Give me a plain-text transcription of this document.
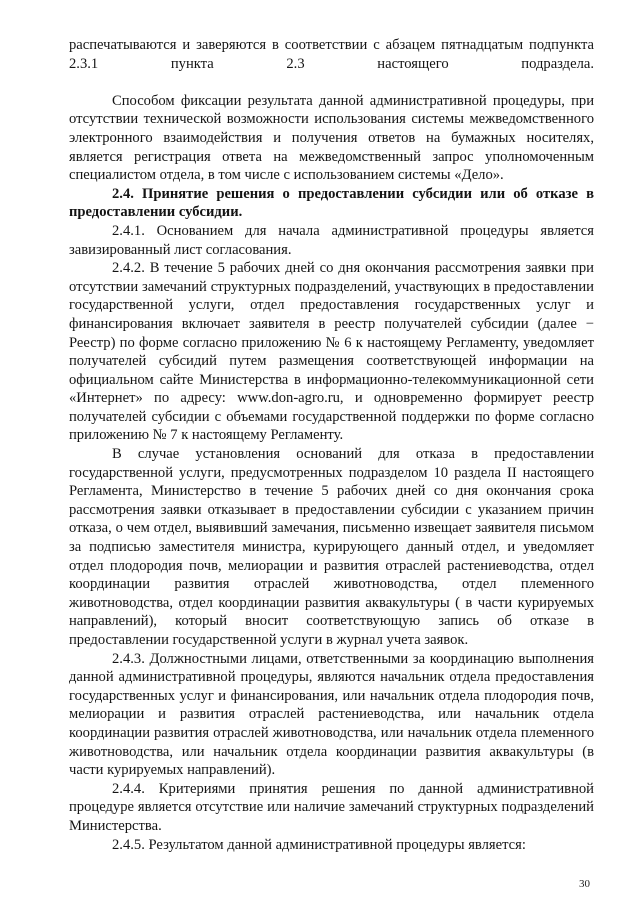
распечатываются и заверяются в соответствии с абзацем пятнадцатым подпункта 2.3.1 пункта 2.3 настоящего подраздела.

Способом фиксации результата данной административной процедуры, при отсутствии технической возможности использования системы межведомственного электронного взаимодействия и получения ответов на бумажных носителях, является регистрация ответа на межведомственный запрос уполномоченным специалистом отдела, в том числе с использованием системы «Дело».

2.4. Принятие решения о предоставлении субсидии или об отказе в предоставлении субсидии.

2.4.1. Основанием для начала административной процедуры является завизированный лист согласования.

2.4.2. В течение 5 рабочих дней со дня окончания рассмотрения заявки при отсутствии замечаний структурных подразделений, участвующих в предоставлении государственной услуги, отдел предоставления государственных услуг и финансирования включает заявителя в реестр получателей субсидии (далее − Реестр) по форме согласно приложению № 6 к настоящему Регламенту, уведомляет получателей субсидий путем размещения соответствующей информации на официальном сайте Министерства в информационно-телекоммуникационной сети «Интернет» по адресу: www.don-agro.ru, и одновременно формирует реестр получателей субсидии с объемами государственной поддержки по форме согласно приложению № 7 к настоящему Регламенту.

В случае установления оснований для отказа в предоставлении государственной услуги, предусмотренных подразделом 10 раздела II настоящего Регламента, Министерство в течение 5 рабочих дней со дня окончания срока рассмотрения заявки отказывает в предоставлении субсидии с указанием причин отказа, о чем отдел, выявивший замечания, письменно извещает заявителя письмом за подписью заместителя министра, курирующего данный отдел, и уведомляет отдел плодородия почв, мелиорации и развития отраслей растениеводства, отдел координации развития отраслей животноводства, отдел племенного животноводства, отдел координации развития аквакультуры ( в части курируемых направлений), который вносит соответствующую запись об отказе в предоставлении государственной услуги в журнал учета заявок.

2.4.3. Должностными лицами, ответственными за координацию выполнения данной административной процедуры, являются начальник отдела предоставления государственных услуг и финансирования, или начальник отдела плодородия почв, мелиорации и развития отраслей растениеводства, или начальник отдела координации развития отраслей животноводства, или начальник отдела племенного животноводства, или начальник отдела координации развития аквакультуры (в части курируемых направлений).

2.4.4. Критериями принятия решения по данной административной процедуре является отсутствие или наличие замечаний структурных подразделений Министерства.

2.4.5. Результатом данной административной процедуры является:

30
